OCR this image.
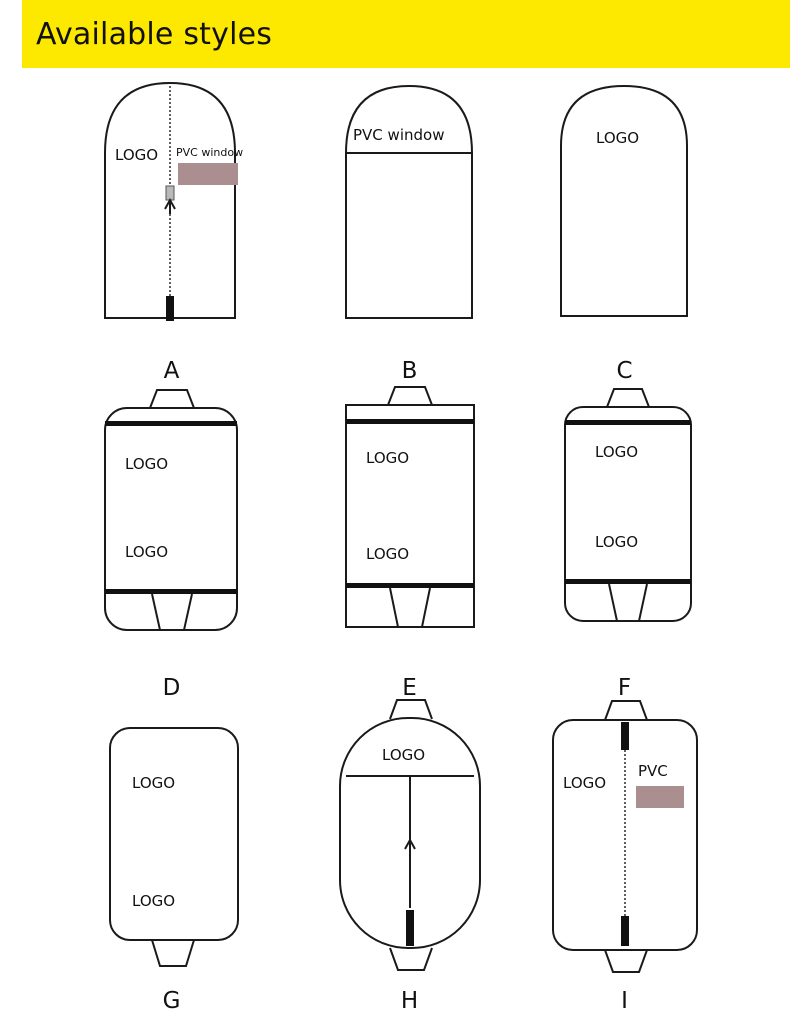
Available styles
LOGO PVC window
A
PVC window
B
LOGO
C
LOGO
LOGO
D
LOGO
LOGO
E
LOGO
LOGO
F
LOGO
LOGO
G
LOGO
H
LOGO
PVC
I
